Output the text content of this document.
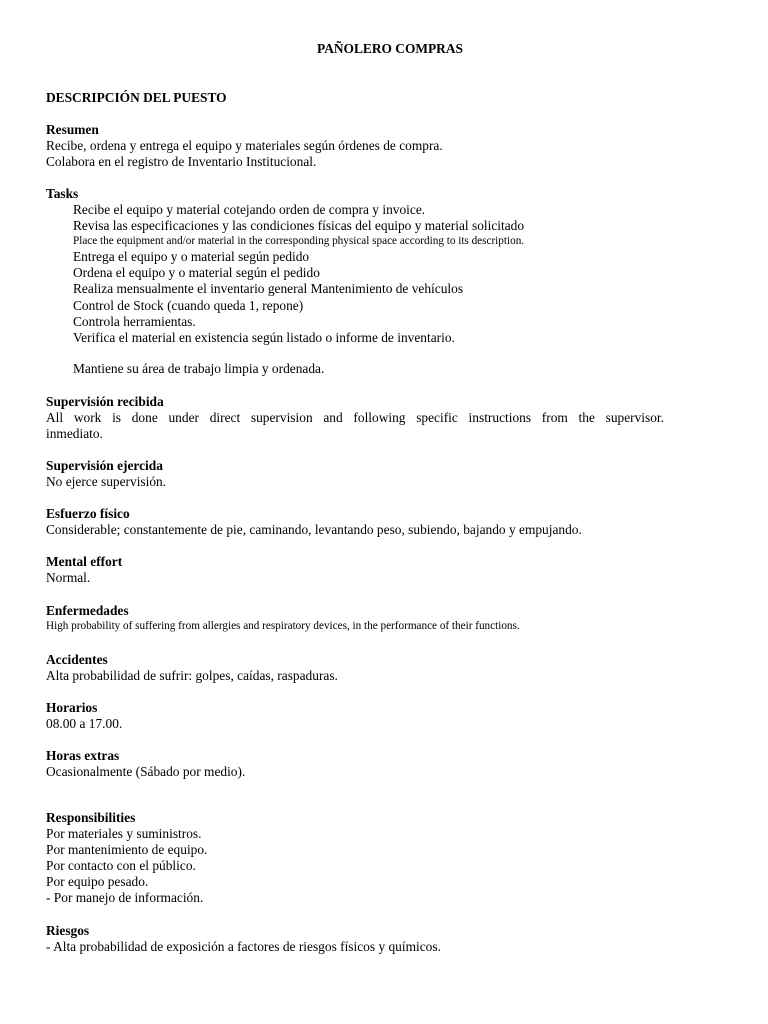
PAÑOLERO COMPRAS
DESCRIPCIÓN DEL PUESTO
Resumen
Recibe, ordena y entrega el equipo y materiales según órdenes de compra.
Colabora en el registro de Inventario Institucional.
Tasks
Recibe el equipo y material cotejando orden de compra y invoice.
Revisa las especificaciones y las condiciones físicas del equipo y material solicitado
Place the equipment and/or material in the corresponding physical space according to its description.
Entrega el equipo y o material según pedido
Ordena el equipo y o material según el pedido
Realiza mensualmente el inventario general Mantenimiento de vehículos
Control de Stock (cuando queda 1, repone)
Controla herramientas.
Verifica el material en existencia según listado o informe de inventario.
Mantiene su área de trabajo limpia y ordenada.
Supervisión recibida
All work is done under direct supervision and following specific instructions from the supervisor.
inmediato.
Supervisión ejercida
No ejerce supervisión.
Esfuerzo físico
Considerable; constantemente de pie, caminando, levantando peso, subiendo, bajando y empujando.
Mental effort
Normal.
Enfermedades
High probability of suffering from allergies and respiratory devices, in the performance of their functions.
Accidentes
Alta probabilidad de sufrir: golpes, caídas, raspaduras.
Horarios
08.00 a 17.00.
Horas extras
Ocasionalmente (Sábado por medio).
Responsibilities
Por materiales y suministros.
Por mantenimiento de equipo.
Por contacto con el público.
Por equipo pesado.
- Por manejo de información.
Riesgos
- Alta probabilidad de exposición a factores de riesgos físicos y químicos.
